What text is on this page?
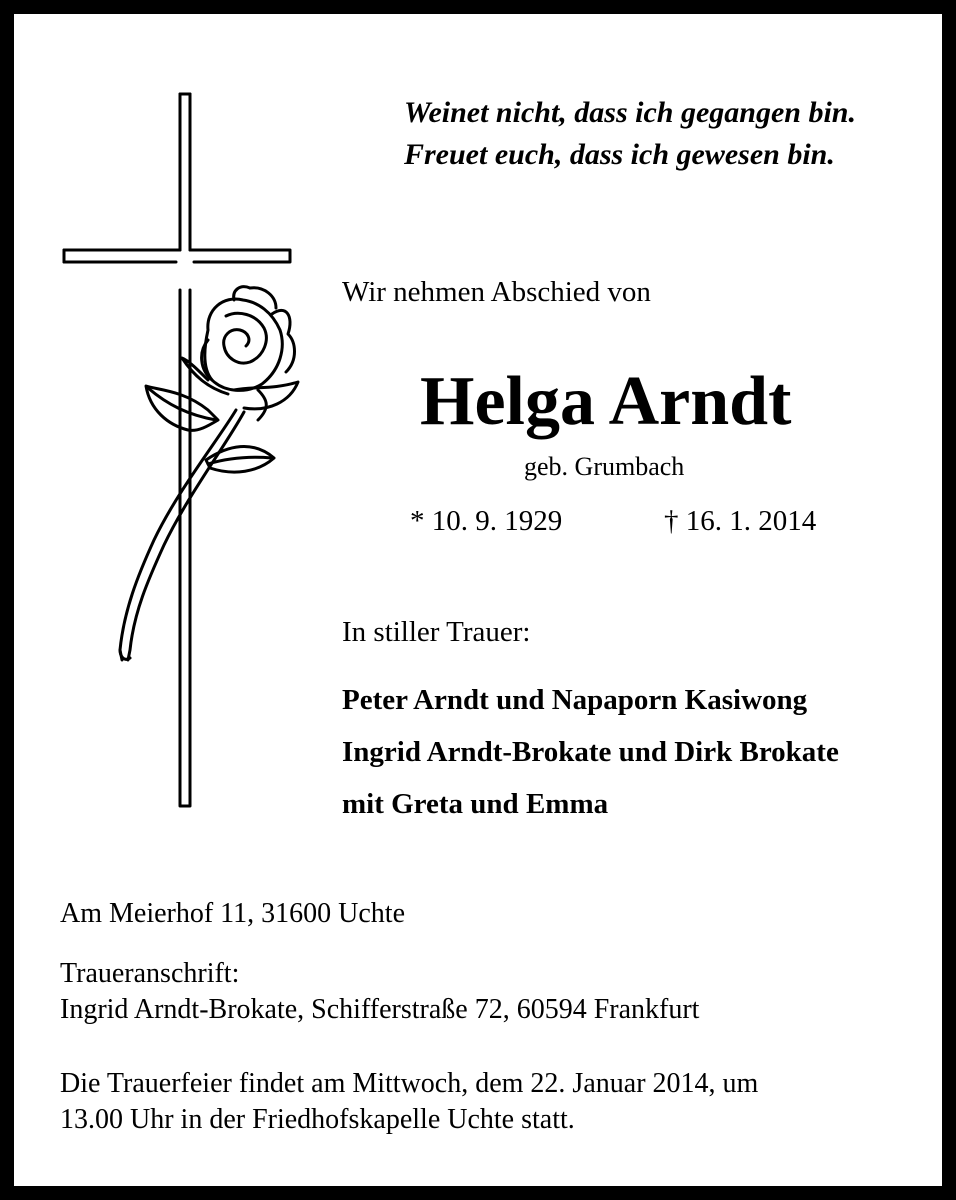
Weinet nicht, dass ich gegangen bin.
Freuet euch, dass ich gewesen bin.
Wir nehmen Abschied von
Helga Arndt
geb. Grumbach
* 10. 9. 1929	† 16. 1. 2014
In stiller Trauer:
Peter Arndt und Napaporn Kasiwong
Ingrid Arndt-Brokate und Dirk Brokate
mit Greta und Emma
Am Meierhof 11, 31600 Uchte
Traueranschrift:
Ingrid Arndt-Brokate, Schifferstraße 72, 60594 Frankfurt
Die Trauerfeier findet am Mittwoch, dem 22. Januar 2014, um
13.00 Uhr in der Friedhofskapelle Uchte statt.
